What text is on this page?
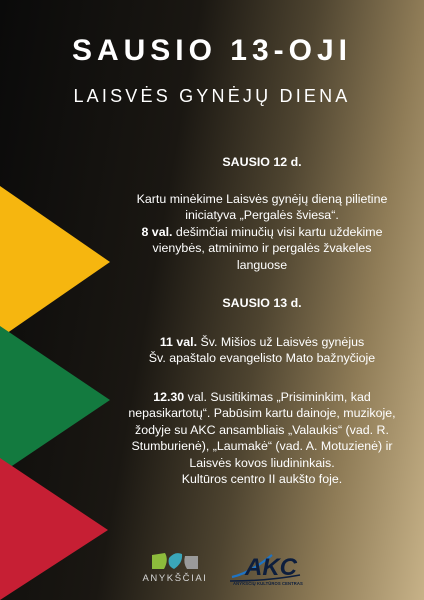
SAUSIO 13-OJI
LAISVĖS GYNĖJŲ DIENA

SAUSIO 12 d.

Kartu minėkime Laisvės gynėjų dieną pilietine

iniciatyva „Pergalės šviesa“.

8 val. dešimčiai minučių visi kartu uždekime

vienybės, atminimo ir pergalės žvakeles

languose

SAUSIO 13 d.

11 val. Šv. Mišios už Laisvės gynėjus

Šv. apaštalo evangelisto Mato bažnyčioje

12.30 val. Susitikimas „Prisiminkim, kad

nepasikartotų“. Pabūsim kartu dainoje, muzikoje,

žodyje su AKC ansambliais „Valaukis“ (vad. R.

Stumburienė), „Laumakė“ (vad. A. Motuzienė) ir

Laisvės kovos liudininkais.

Kultūros centro II aukšto foje.

ANYKŠČIAI AKC
ANYKŠČIŲ KULTŪROS CENTRAS
